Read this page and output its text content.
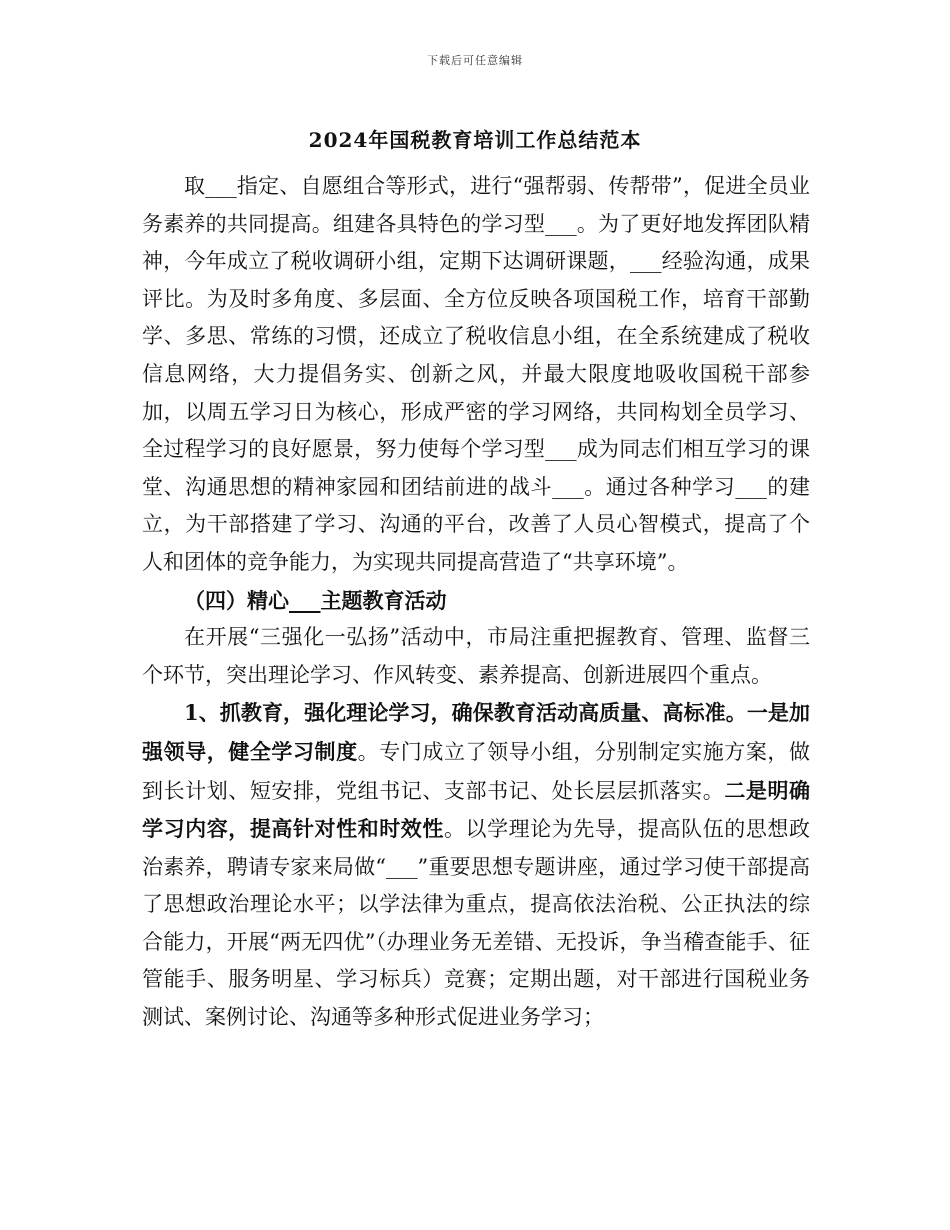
下载后可任意编辑
2024年国税教育培训工作总结范本

取___指定、自愿组合等形式，进行“强帮弱、传帮带”，促进全员业务素养的共同提高。组建各具特色的学习型___。为了更好地发挥团队精神，今年成立了税收调研小组，定期下达调研课题，___经验沟通，成果评比。为及时多角度、多层面、全方位反映各项国税工作，培育干部勤学、多思、常练的习惯，还成立了税收信息小组，在全系统建成了税收信息网络，大力提倡务实、创新之风，并最大限度地吸收国税干部参加，以周五学习日为核心，形成严密的学习网络，共同构划全员学习、全过程学习的良好愿景，努力使每个学习型___成为同志们相互学习的课堂、沟通思想的精神家园和团结前进的战斗___。通过各种学习___的建立，为干部搭建了学习、沟通的平台，改善了人员心智模式，提高了个人和团体的竞争能力，为实现共同提高营造了“共享环境”。

（四）精心___主题教育活动

在开展“三强化一弘扬”活动中，市局注重把握教育、管理、监督三个环节，突出理论学习、作风转变、素养提高、创新进展四个重点。

1、抓教育，强化理论学习，确保教育活动高质量、高标准。一是加强领导，健全学习制度。专门成立了领导小组，分别制定实施方案，做到长计划、短安排，党组书记、支部书记、处长层层抓落实。二是明确学习内容，提高针对性和时效性。以学理论为先导，提高队伍的思想政治素养，聘请专家来局做“___”重要思想专题讲座，通过学习使干部提高了思想政治理论水平；以学法律为重点，提高依法治税、公正执法的综合能力，开展“两无四优”（办理业务无差错、无投诉，争当稽查能手、征管能手、服务明星、学习标兵）竞赛；定期出题，对干部进行国税业务测试、案例讨论、沟通等多种形式促进业务学习；
